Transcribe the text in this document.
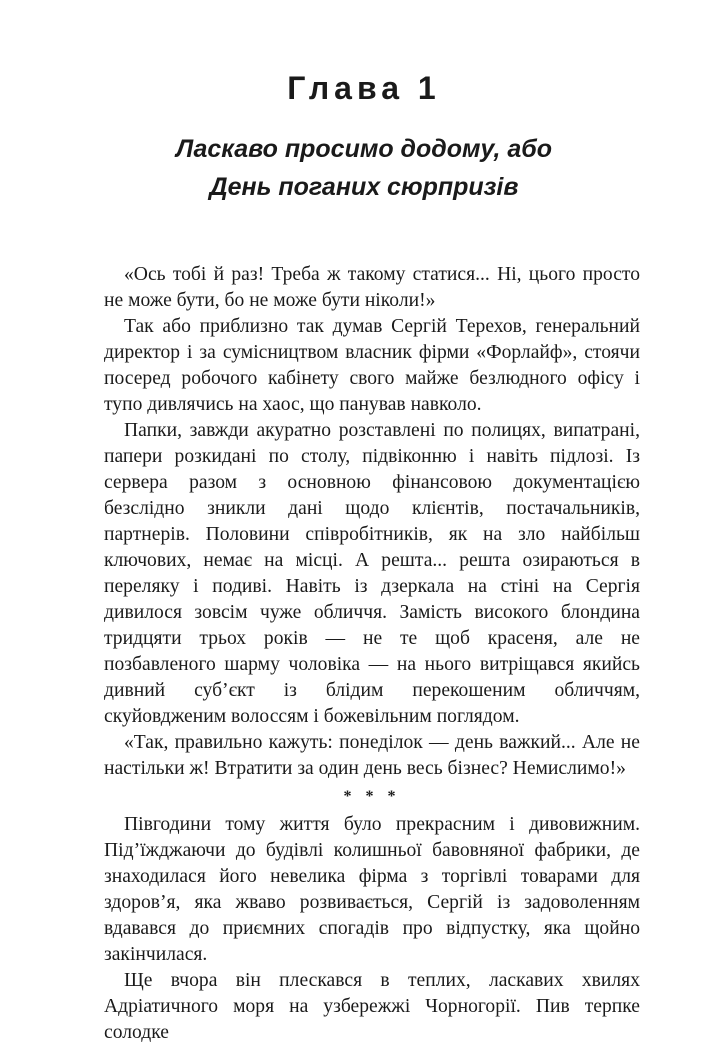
Глава 1
Ласкаво просимо додому, або
День поганих сюрпризів

«Ось тобі й раз! Треба ж такому статися... Ні, цього просто не може бути, бо не може бути ніколи!»

Так або приблизно так думав Сергій Терехов, генеральний директор і за сумісництвом власник фірми «Форлайф», стоячи посеред робочого кабінету свого майже безлюдного офісу і тупо дивлячись на хаос, що панував навколо.

Папки, завжди акуратно розставлені по полицях, випатрані, папери розкидані по столу, підвіконню і навіть підлозі. Із сервера разом з основною фінансовою документацією безслідно зникли дані щодо клієнтів, постачальників, партнерів. Половини співробітників, як на зло найбільш ключових, немає на місці. А решта... решта озираються в переляку і подиві. Навіть із дзеркала на стіні на Сергія дивилося зовсім чуже обличчя. Замість високого блондина тридцяти трьох років — не те щоб красеня, але не позбавленого шарму чоловіка — на нього витріщався якийсь дивний суб’єкт із блідим перекошеним обличчям, скуйовдженим волоссям і божевільним поглядом.

«Так, правильно кажуть: понеділок — день важкий... Але не настільки ж! Втратити за один день весь бізнес? Немислимо!»

* * *

Півгодини тому життя було прекрасним і дивовижним. Під’їжджаючи до будівлі колишньої бавовняної фабрики, де знаходилася його невелика фірма з торгівлі товарами для здоров’я, яка жваво розвивається, Сергій із задоволенням вдавався до приємних спогадів про відпустку, яка щойно закінчилася.

Ще вчора він плескався в теплих, ласкавих хвилях Адріатичного моря на узбережжі Чорногорії. Пив терпке солодке
